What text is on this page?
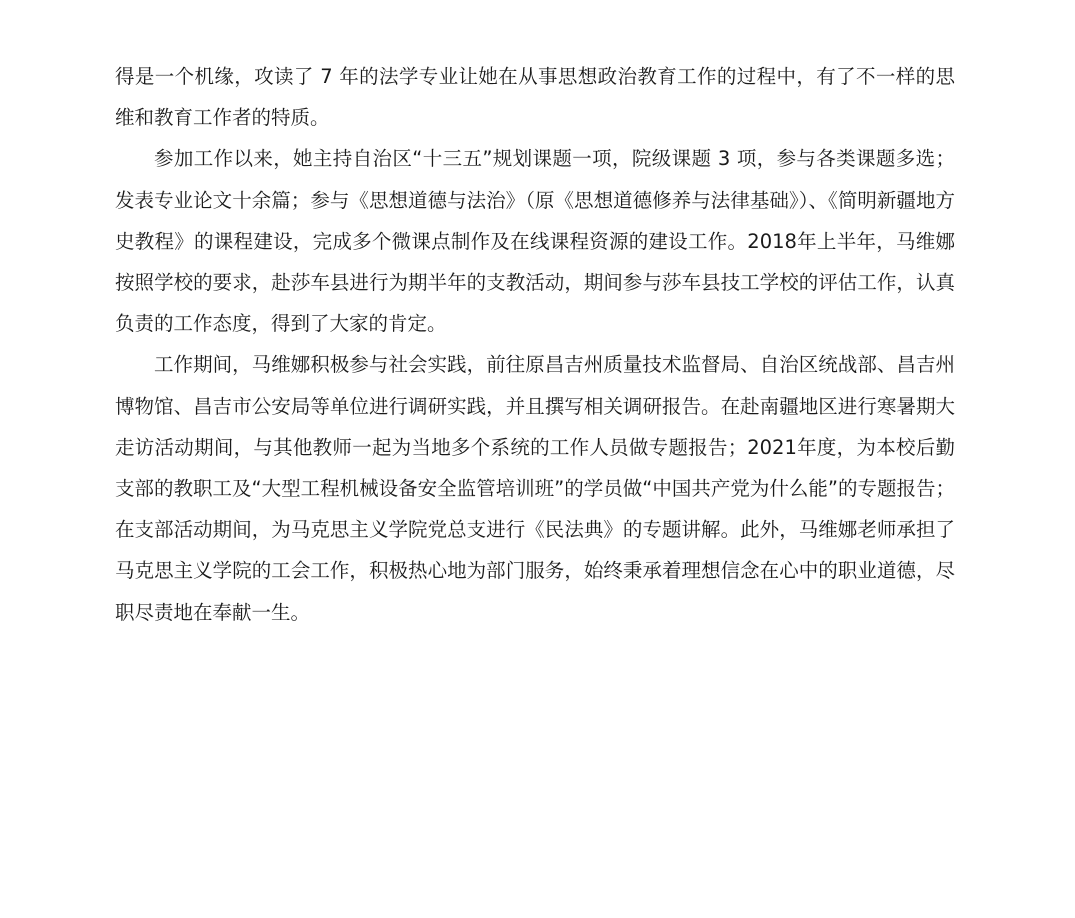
得是一个机缘，攻读了 7 年的法学专业让她在从事思想政治教育工作的过程中，有了不一样的思维和教育工作者的特质。

参加工作以来，她主持自治区“十三五”规划课题一项，院级课题 3 项，参与各类课题多选；发表专业论文十余篇；参与《思想道德与法治》（原《思想道德修养与法律基础》）、《简明新疆地方史教程》的课程建设，完成多个微课点制作及在线课程资源的建设工作。2018年上半年，马维娜按照学校的要求，赴莎车县进行为期半年的支教活动，期间参与莎车县技工学校的评估工作，认真负责的工作态度，得到了大家的肯定。

工作期间，马维娜积极参与社会实践，前往原昌吉州质量技术监督局、自治区统战部、昌吉州博物馆、昌吉市公安局等单位进行调研实践，并且撰写相关调研报告。在赴南疆地区进行寒暑期大走访活动期间，与其他教师一起为当地多个系统的工作人员做专题报告；2021年度，为本校后勤支部的教职工及“大型工程机械设备安全监管培训班”的学员做“中国共产党为什么能”的专题报告；在支部活动期间，为马克思主义学院党总支进行《民法典》的专题讲解。此外，马维娜老师承担了马克思主义学院的工会工作，积极热心地为部门服务，始终秉承着理想信念在心中的职业道德，尽职尽责地在奉献一生。
